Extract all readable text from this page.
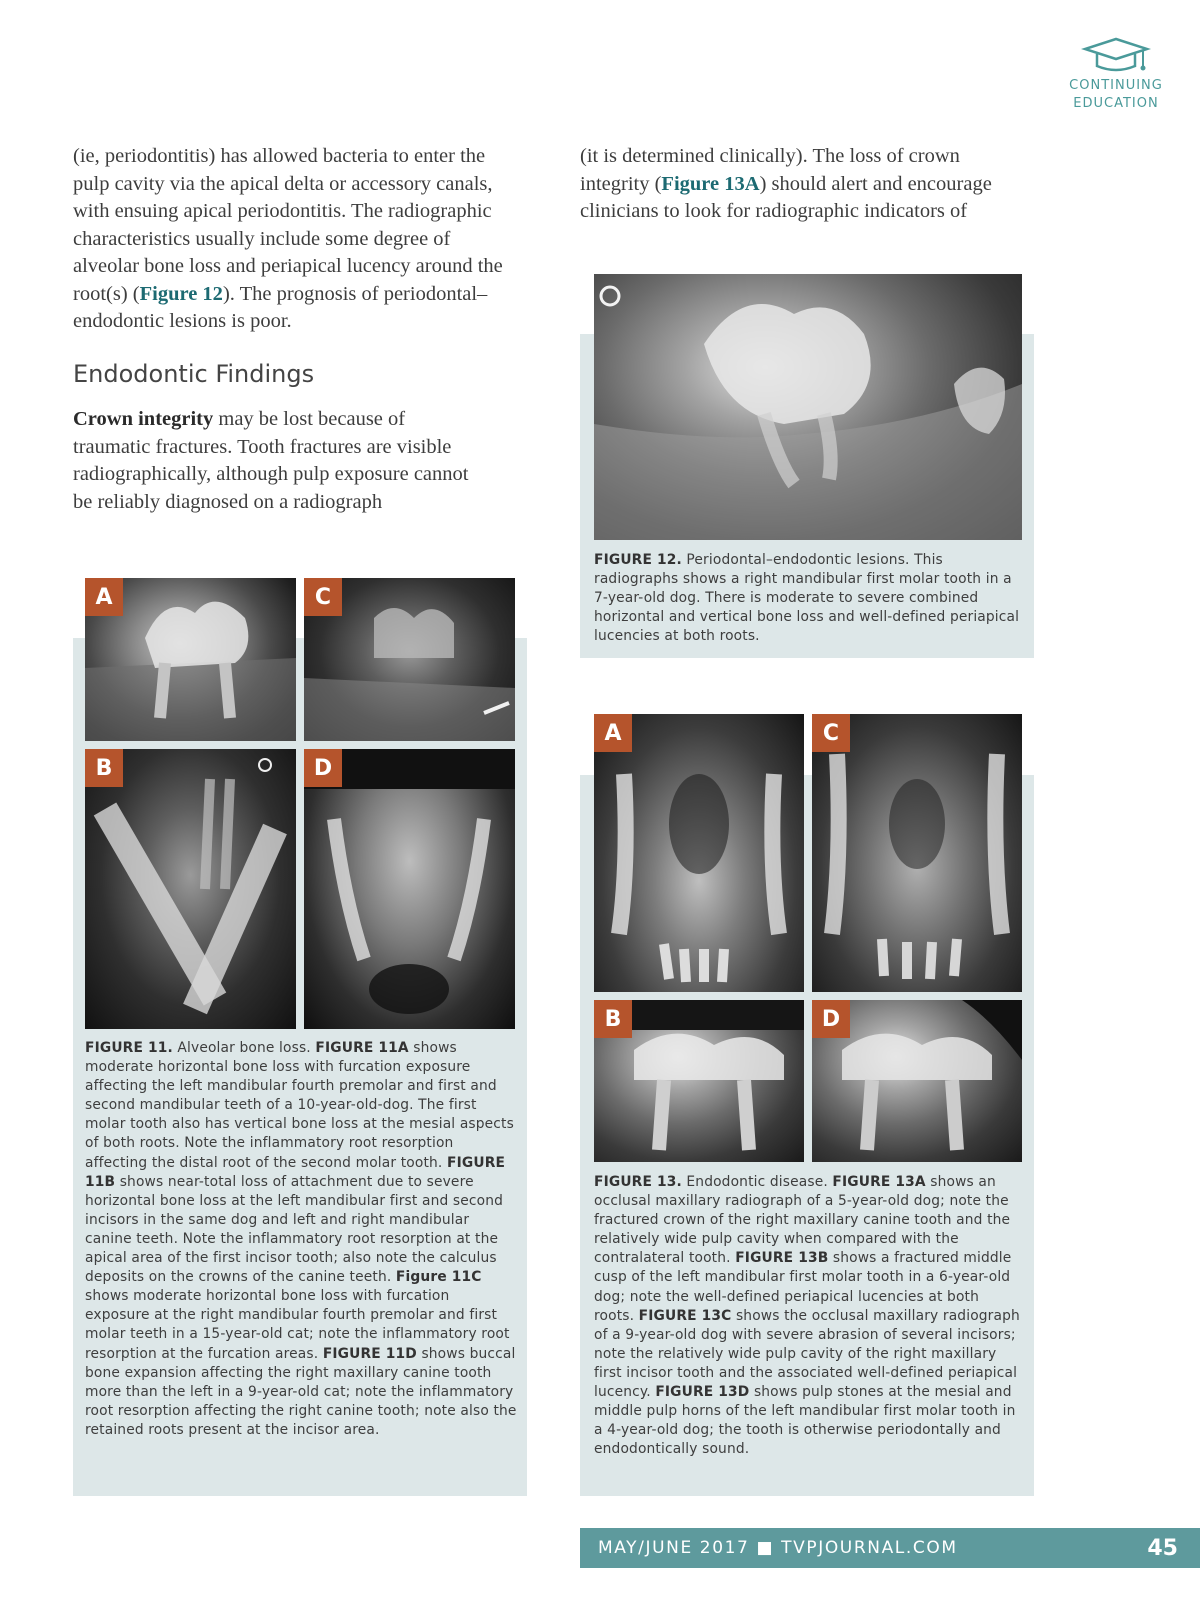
CONTINUING
EDUCATION

(ie, periodontitis) has allowed bacteria to enter the pulp cavity via the apical delta or accessory canals, with ensuing apical periodontitis. The radiographic characteristics usually include some degree of alveolar bone loss and periapical lucency around the root(s) (Figure 12). The prognosis of periodontal–endodontic lesions is poor.

Endodontic Findings

Crown integrity may be lost because of traumatic fractures. Tooth fractures are visible radiographically, although pulp exposure cannot be reliably diagnosed on a radiograph

(it is determined clinically). The loss of crown integrity (Figure 13A) should alert and encourage clinicians to look for radiographic indicators of

FIGURE 12. Periodontal–endodontic lesions. This radiographs shows a right mandibular first molar tooth in a 7-year-old dog. There is moderate to severe combined horizontal and vertical bone loss and well-defined periapical lucencies at both roots.

A	C
B	D

FIGURE 11. Alveolar bone loss. FIGURE 11A shows moderate horizontal bone loss with furcation exposure affecting the left mandibular fourth premolar and first and second mandibular teeth of a 10-year-old-dog. The first molar tooth also has vertical bone loss at the mesial aspects of both roots. Note the inflammatory root resorption affecting the distal root of the second molar tooth. FIGURE 11B shows near-total loss of attachment due to severe horizontal bone loss at the left mandibular first and second incisors in the same dog and left and right mandibular canine teeth. Note the inflammatory root resorption at the apical area of the first incisor tooth; also note the calculus deposits on the crowns of the canine teeth. Figure 11C shows moderate horizontal bone loss with furcation exposure at the right mandibular fourth premolar and first molar teeth in a 15-year-old cat; note the inflammatory root resorption at the furcation areas. FIGURE 11D shows buccal bone expansion affecting the right maxillary canine tooth more than the left in a 9-year-old cat; note the inflammatory root resorption affecting the right canine tooth; note also the retained roots present at the incisor area.

A	C
B	D

FIGURE 13. Endodontic disease. FIGURE 13A shows an occlusal maxillary radiograph of a 5-year-old dog; note the fractured crown of the right maxillary canine tooth and the relatively wide pulp cavity when compared with the contralateral tooth. FIGURE 13B shows a fractured middle cusp of the left mandibular first molar tooth in a 6-year-old dog; note the well-defined periapical lucencies at both roots. FIGURE 13C shows the occlusal maxillary radiograph of a 9-year-old dog with severe abrasion of several incisors; note the relatively wide pulp cavity of the right maxillary first incisor tooth and the associated well-defined periapical lucency. FIGURE 13D shows pulp stones at the mesial and middle pulp horns of the left mandibular first molar tooth in a 4-year-old dog; the tooth is otherwise periodontally and endodontically sound.

MAY/JUNE 2017 ■ TVPJOURNAL.COM	45
